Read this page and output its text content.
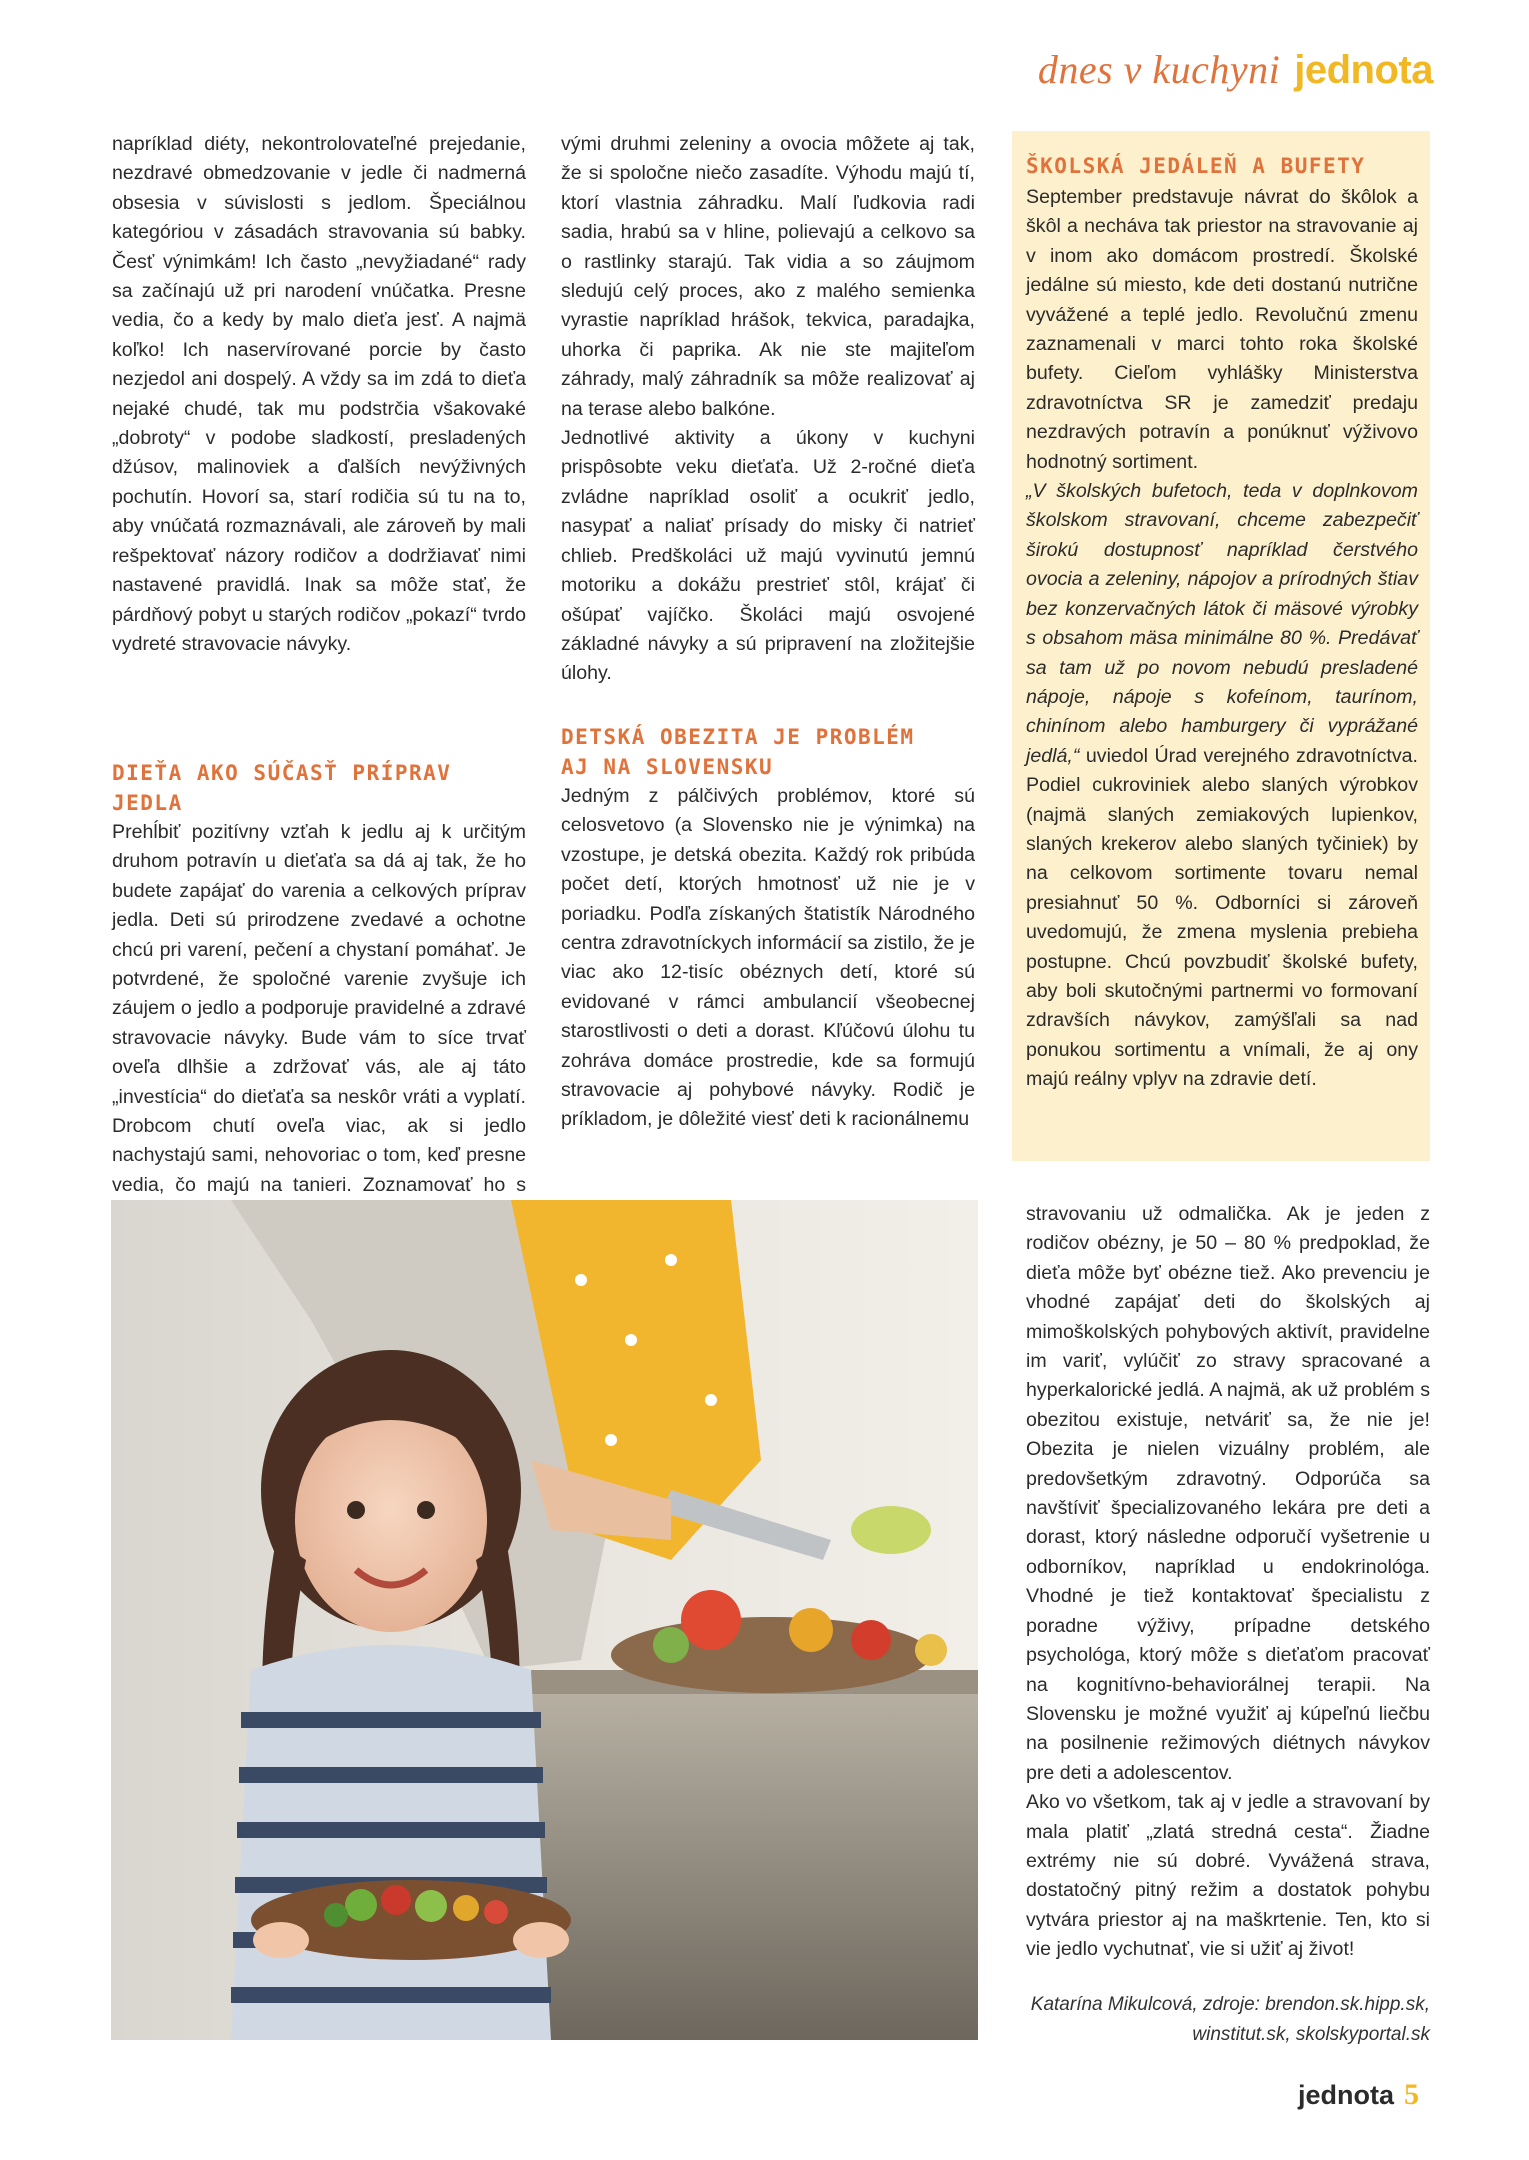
dnes v kuchyni jednota

napríklad diéty, nekontrolovateľné prejedanie, nezdravé obmedzovanie v jedle či nadmerná obsesia v súvislosti s jedlom. Špeciálnou kategóriou v zásadách stravovania sú babky. Česť výnimkám! Ich často „nevyžiadané“ rady sa začínajú už pri narodení vnúčatka. Presne vedia, čo a kedy by malo dieťa jesť. A najmä koľko! Ich naservírované porcie by často nezjedol ani dospelý. A vždy sa im zdá to dieťa nejaké chudé, tak mu podstrčia všakovaké „dobroty“ v podobe sladkostí, presladených džúsov, malinoviek a ďalších nevýživných pochutín. Hovorí sa, starí rodičia sú tu na to, aby vnúčatá rozmaznávali, ale zároveň by mali rešpektovať názory rodičov a dodržiavať nimi nastavené pravidlá. Inak sa môže stať, že párdňový pobyt u starých rodičov „pokazí“ tvrdo vydreté stravovacie návyky.

DIEŤA AKO SÚČASŤ PRÍPRAV JEDLA

Prehĺbiť pozitívny vzťah k jedlu aj k určitým druhom potravín u dieťaťa sa dá aj tak, že ho budete zapájať do varenia a celkových príprav jedla. Deti sú prirodzene zvedavé a ochotne chcú pri varení, pečení a chystaní pomáhať. Je potvrdené, že spoločné varenie zvyšuje ich záujem o jedlo a podporuje pravidelné a zdravé stravovacie návyky. Bude vám to síce trvať oveľa dlhšie a zdržovať vás, ale aj táto „investícia“ do dieťaťa sa neskôr vráti a vyplatí. Drobcom chutí oveľa viac, ak si jedlo nachystajú sami, nehovoriac o tom, keď presne vedia, čo majú na tanieri. Zoznamovať ho s

vými druhmi zeleniny a ovocia môžete aj tak, že si spoločne niečo zasadíte. Výhodu majú tí, ktorí vlastnia záhradku. Malí ľudkovia radi sadia, hrabú sa v hline, polievajú a celkovo sa o rastlinky starajú. Tak vidia a so záujmom sledujú celý proces, ako z malého semienka vyrastie napríklad hrášok, tekvica, paradajka, uhorka či paprika. Ak nie ste majiteľom záhrady, malý záhradník sa môže realizovať aj na terase alebo balkóne.

Jednotlivé aktivity a úkony v kuchyni prispôsobte veku dieťaťa. Už 2-ročné dieťa zvládne napríklad osoliť a ocukriť jedlo, nasypať a naliať prísady do misky či natrieť chlieb. Predškoláci už majú vyvinutú jemnú motoriku a dokážu prestrieť stôl, krájať či ošúpať vajíčko. Školáci majú osvojené základné návyky a sú pripravení na zložitejšie úlohy.

DETSKÁ OBEZITA JE PROBLÉM
AJ NA SLOVENSKU

Jedným z pálčivých problémov, ktoré sú celosvetovo (a Slovensko nie je výnimka) na vzostupe, je detská obezita. Každý rok pribúda počet detí, ktorých hmotnosť už nie je v poriadku. Podľa získaných štatistík Národného centra zdravotníckych informácií sa zistilo, že je viac ako 12-tisíc obéznych detí, ktoré sú evidované v rámci ambulancií všeobecnej starostlivosti o deti a dorast. Kľúčovú úlohu tu zohráva domáce prostredie, kde sa formujú stravovacie aj pohybové návyky. Rodič je príkladom, je dôležité viesť deti k racionálnemu

ŠKOLSKÁ JEDÁLEŇ A BUFETY

September predstavuje návrat do škôlok a škôl a necháva tak priestor na stravovanie aj v inom ako domácom prostredí. Školské jedálne sú miesto, kde deti dostanú nutrične vyvážené a teplé jedlo. Revolučnú zmenu zaznamenali v marci tohto roka školské bufety. Cieľom vyhlášky Ministerstva zdravotníctva SR je zamedziť predaju nezdravých potravín a ponúknuť výživovo hodnotný sortiment.

„V školských bufetoch, teda v doplnkovom školskom stravovaní, chceme zabezpečiť širokú dostupnosť napríklad čerstvého ovocia a zeleniny, nápojov a prírodných štiav bez konzervačných látok či mäsové výrobky s obsahom mäsa minimálne 80 %. Predávať sa tam už po novom nebudú presladené nápoje, nápoje s kofeínom, taurínom, chinínom alebo hamburgery či vyprážané jedlá,“ uviedol Úrad verejného zdravotníctva. Podiel cukroviniek alebo slaných výrobkov (najmä slaných zemiakových lupienkov, slaných krekerov alebo slaných tyčiniek) by na celkovom sortimente tovaru nemal presiahnuť 50 %. Odborníci si zároveň uvedomujú, že zmena myslenia prebieha postupne. Chcú povzbudiť školské bufety, aby boli skutočnými partnermi vo formovaní zdravších návykov, zamýšľali sa nad ponukou sortimentu a vnímali, že aj ony majú reálny vplyv na zdravie detí.

stravovaniu už odmalička. Ak je jeden z rodičov obézny, je 50 – 80 % predpoklad, že dieťa môže byť obézne tiež. Ako prevenciu je vhodné zapájať deti do školských aj mimoškolských pohybových aktivít, pravidelne im variť, vylúčiť zo stravy spracované a hyperkalorické jedlá. A najmä, ak už problém s obezitou existuje, netváriť sa, že nie je! Obezita je nielen vizuálny problém, ale predovšetkým zdravotný. Odporúča sa navštíviť špecializovaného lekára pre deti a dorast, ktorý následne odporučí vyšetrenie u odborníkov, napríklad u endokrinológa. Vhodné je tiež kontaktovať špecialistu z poradne výživy, prípadne detského psychológa, ktorý môže s dieťaťom pracovať na kognitívno-behaviorálnej terapii. Na Slovensku je možné využiť aj kúpeľnú liečbu na posilnenie režimových diétnych návykov pre deti a adolescentov.

Ako vo všetkom, tak aj v jedle a stravovaní by mala platiť „zlatá stredná cesta“. Žiadne extrémy nie sú dobré. Vyvážená strava, dostatočný pitný režim a dostatok pohybu vytvára priestor aj na maškrtenie. Ten, kto si vie jedlo vychutnať, vie si užiť aj život!

Katarína Mikulcová, zdroje: brendon.sk.hipp.sk,
winstitut.sk, skolskyportal.sk
jednota 5
